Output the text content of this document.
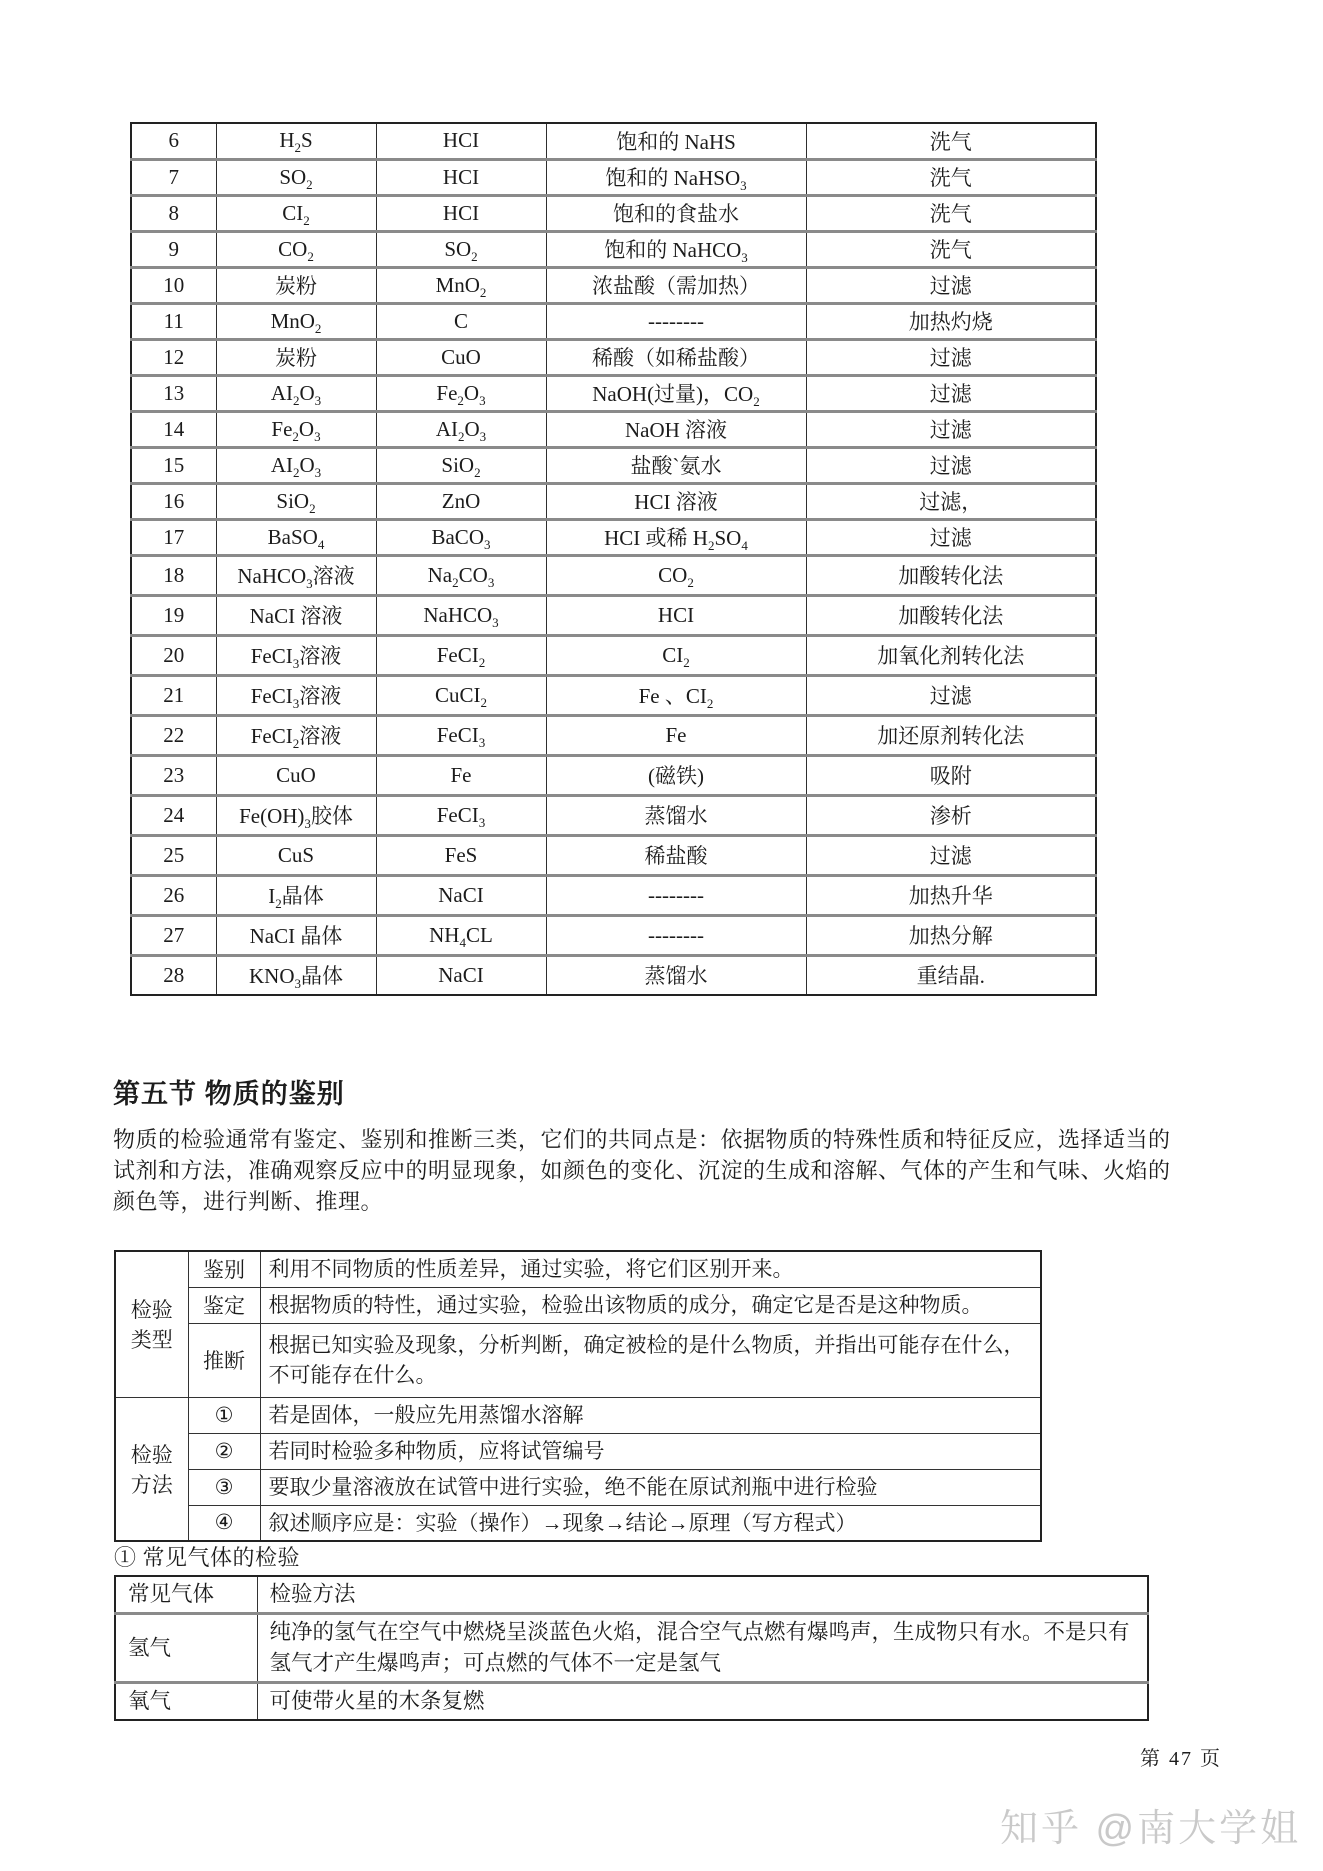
6	$H_2S$	HCI	饱和的 NaHS	洗气
7	$SO_2$	HCI	饱和的 NaHSO$_3$	洗气
8	$CI_2$	HCI	饱和的食盐水	洗气
9	$CO_2$	$SO_2$	饱和的 NaHCO$_3$	洗气
10	炭粉	MnO$_2$	浓盐酸（需加热）	过滤
11	MnO$_2$	C	--------	加热灼烧
12	炭粉	CuO	稀酸（如稀盐酸）	过滤
13	$AI_2O_3$	$Fe_2O_3$	NaOH(过量)，$CO_2$	过滤
14	$Fe_2O_3$	$AI_2O_3$	NaOH 溶液	过滤
15	$AI_2O_3$	SiO$_2$	盐酸`氨水	过滤
16	SiO$_2$	ZnO	HCI 溶液	过滤，
17	BaSO$_4$	BaCO$_3$	HCI 或稀 $H_2SO_4$	过滤
18	NaHCO$_3$溶液	$Na_2CO_3$	$CO_2$	加酸转化法
19	NaCI 溶液	NaHCO$_3$	HCI	加酸转化法
20	FeCI$_3$溶液	FeCI$_2$	$CI_2$	加氧化剂转化法
21	FeCI$_3$溶液	CuCI$_2$	Fe 、$CI_2$	过滤
22	FeCI$_2$溶液	FeCI$_3$	Fe	加还原剂转化法
23	CuO	Fe	(磁铁)	吸附
24	$Fe(OH)_3$胶体	FeCI$_3$	蒸馏水	渗析
25	CuS	FeS	稀盐酸	过滤
26	$I_2$晶体	NaCI	--------	加热升华
27	NaCI 晶体	$NH_4CL$	--------	加热分解
28	$KNO_3$晶体	NaCI	蒸馏水	重结晶.
第五节 物质的鉴别
物质的检验通常有鉴定、鉴别和推断三类，它们的共同点是：依据物质的特殊性质和特征反应，选择适当的
试剂和方法，准确观察反应中的明显现象，如颜色的变化、沉淀的生成和溶解、气体的产生和气味、火焰的
颜色等，进行判断、推理。
检验类型	鉴别	利用不同物质的性质差异，通过实验，将它们区别开来。
	鉴定	根据物质的特性，通过实验，检验出该物质的成分，确定它是否是这种物质。
	推断	根据已知实验及现象，分析判断，确定被检的是什么物质，并指出可能存在什么，不可能存在什么。
检验方法	①	若是固体，一般应先用蒸馏水溶解
	②	若同时检验多种物质，应将试管编号
	③	要取少量溶液放在试管中进行实验，绝不能在原试剂瓶中进行检验
	④	叙述顺序应是：实验（操作）→现象→结论→原理（写方程式）
① 常见气体的检验
常见气体	检验方法
氢气	纯净的氢气在空气中燃烧呈淡蓝色火焰，混合空气点燃有爆鸣声，生成物只有水。不是只有氢气才产生爆鸣声；可点燃的气体不一定是氢气
氧气	可使带火星的木条复燃
第 47 页
知乎 @南大学姐
